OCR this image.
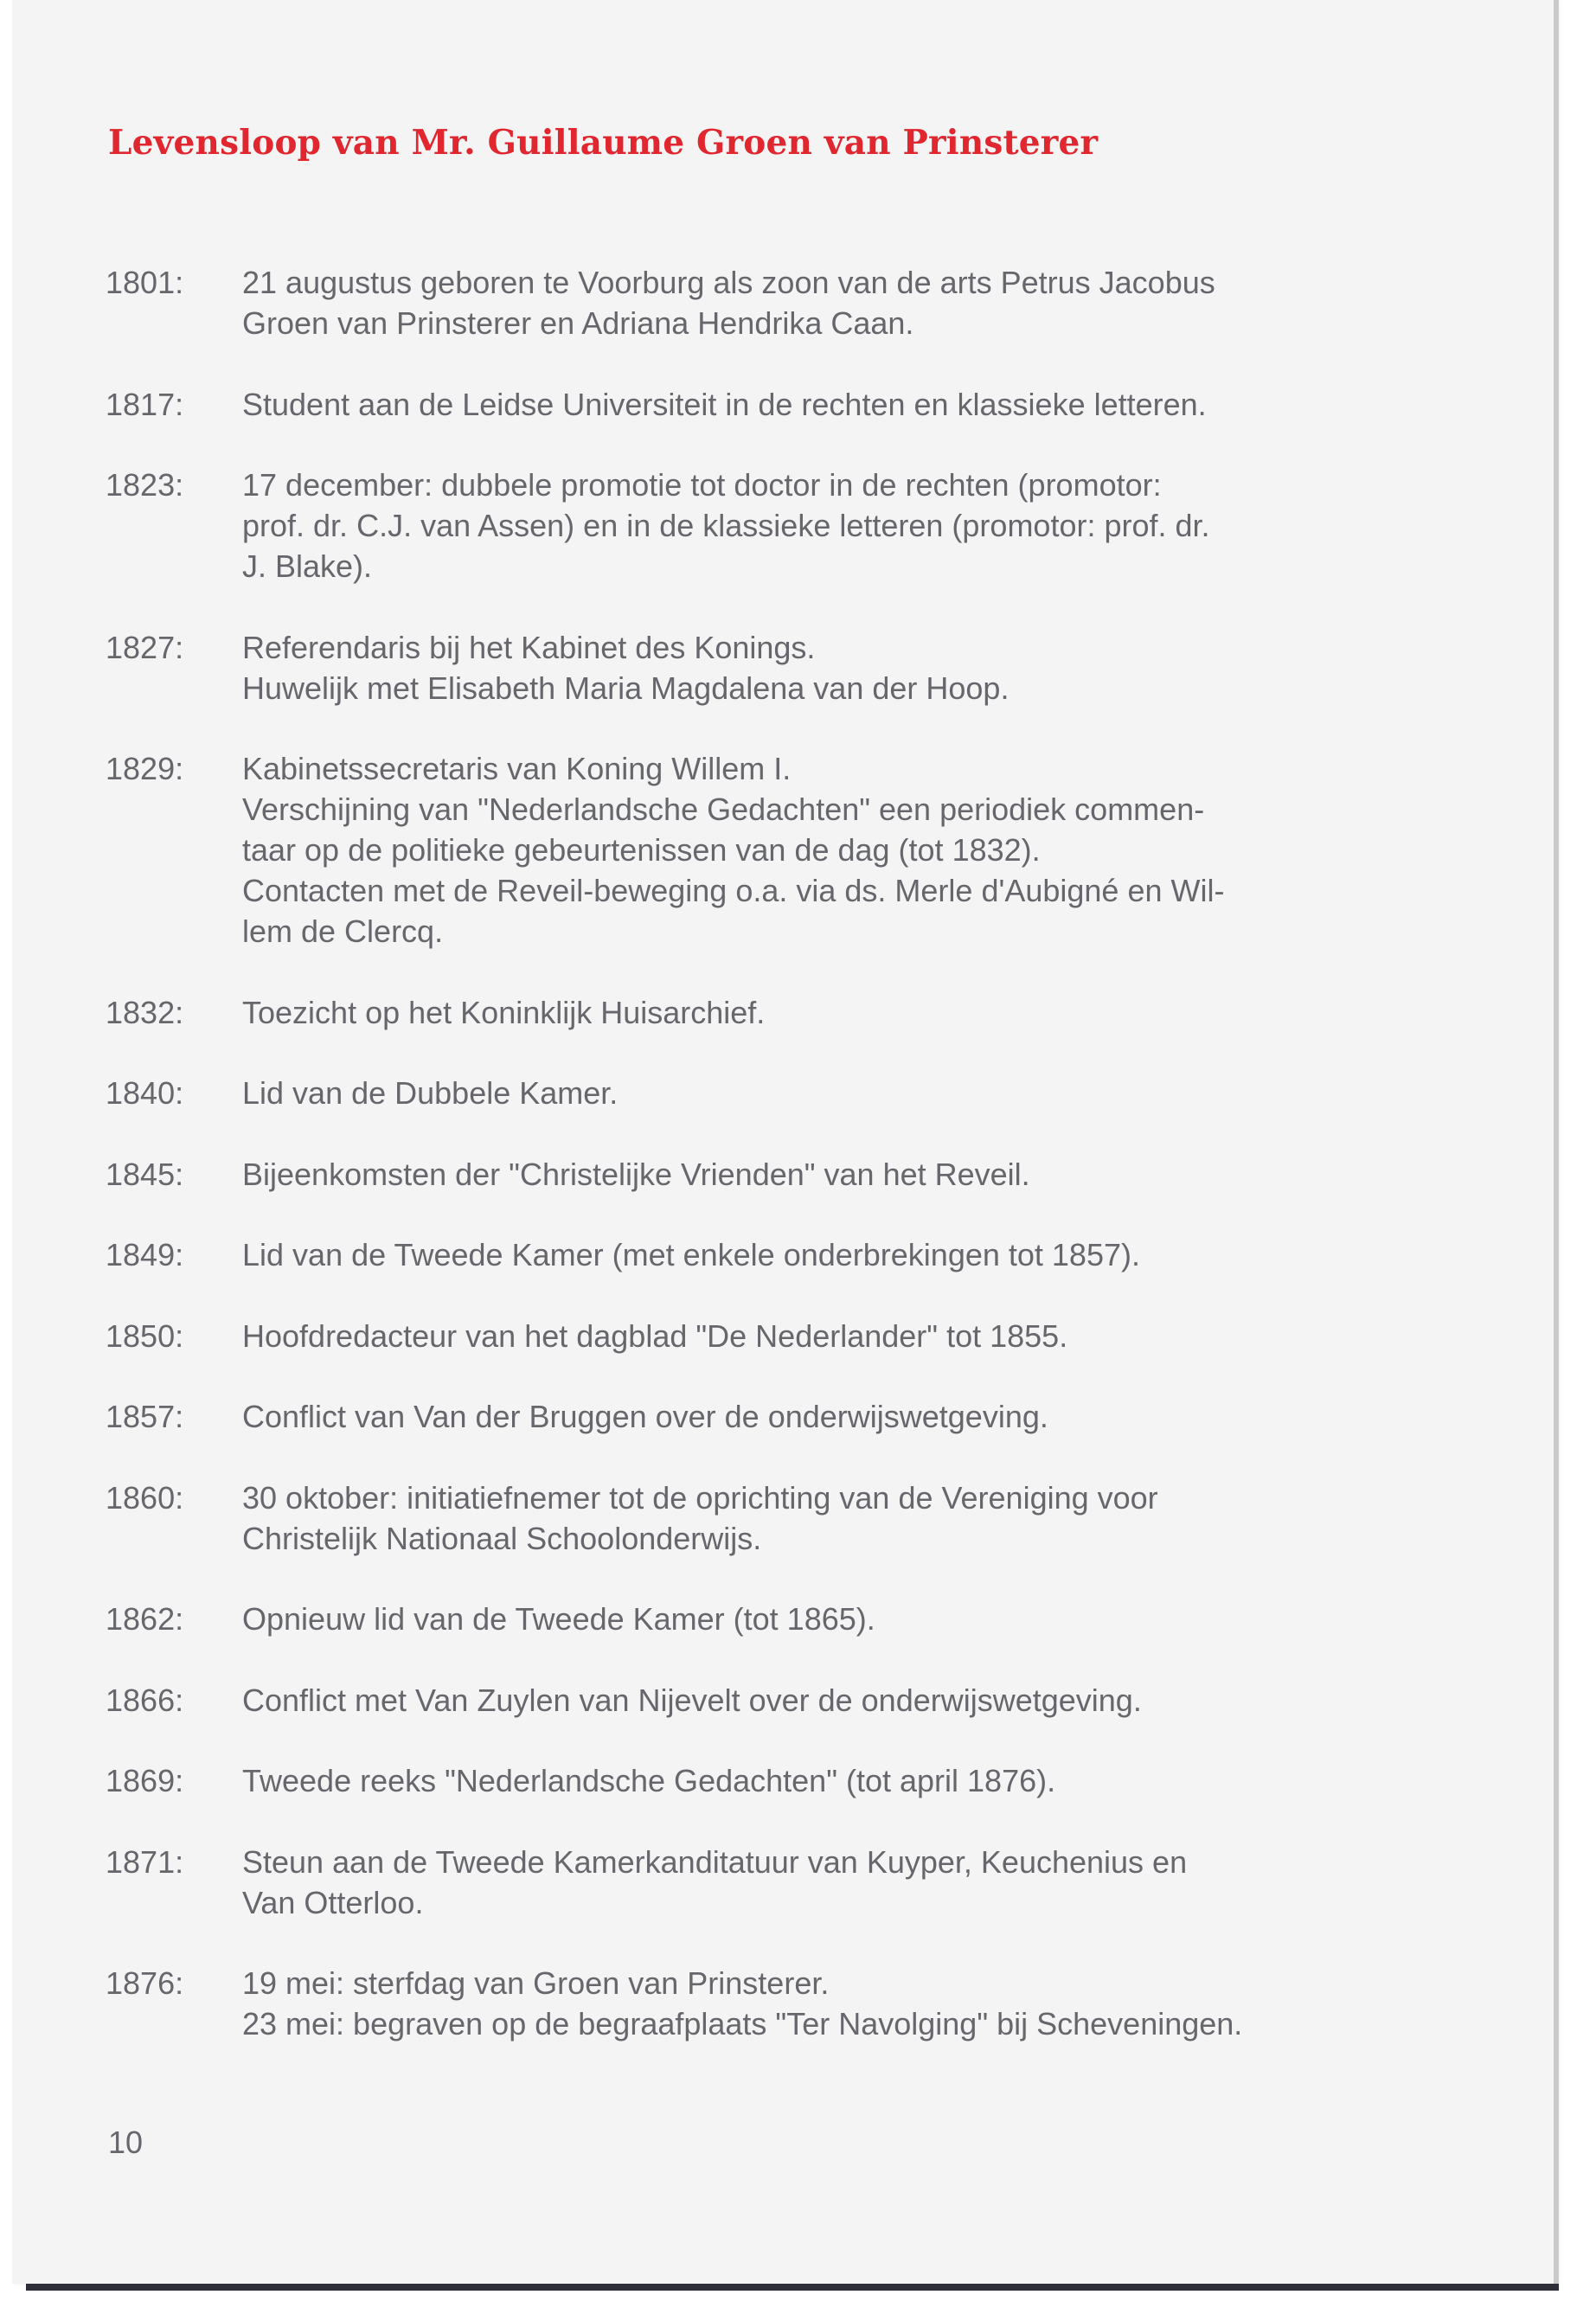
Levensloop van Mr. Guillaume Groen van Prinsterer
1801:	21 augustus geboren te Voorburg als zoon van de arts Petrus Jacobus
Groen van Prinsterer en Adriana Hendrika Caan.
1817:	Student aan de Leidse Universiteit in de rechten en klassieke letteren.
1823:	17 december: dubbele promotie tot doctor in de rechten (promotor:
prof. dr. C.J. van Assen) en in de klassieke letteren (promotor: prof. dr.
J. Blake).
1827:	Referendaris bij het Kabinet des Konings.
Huwelijk met Elisabeth Maria Magdalena van der Hoop.
1829:	Kabinetssecretaris van Koning Willem I.
Verschijning van "Nederlandsche Gedachten" een periodiek commen-
taar op de politieke gebeurtenissen van de dag (tot 1832).
Contacten met de Reveil-beweging o.a. via ds. Merle d'Aubigné en Wil-
lem de Clercq.
1832:	Toezicht op het Koninklijk Huisarchief.
1840:	Lid van de Dubbele Kamer.
1845:	Bijeenkomsten der "Christelijke Vrienden" van het Reveil.
1849:	Lid van de Tweede Kamer (met enkele onderbrekingen tot 1857).
1850:	Hoofdredacteur van het dagblad "De Nederlander" tot 1855.
1857:	Conflict van Van der Bruggen over de onderwijswetgeving.
1860:	30 oktober: initiatiefnemer tot de oprichting van de Vereniging voor
Christelijk Nationaal Schoolonderwijs.
1862:	Opnieuw lid van de Tweede Kamer (tot 1865).
1866:	Conflict met Van Zuylen van Nijevelt over de onderwijswetgeving.
1869:	Tweede reeks "Nederlandsche Gedachten" (tot april 1876).
1871:	Steun aan de Tweede Kamerkanditatuur van Kuyper, Keuchenius en
Van Otterloo.
1876:	19 mei: sterfdag van Groen van Prinsterer.
23 mei: begraven op de begraafplaats "Ter Navolging" bij Scheveningen.
10
